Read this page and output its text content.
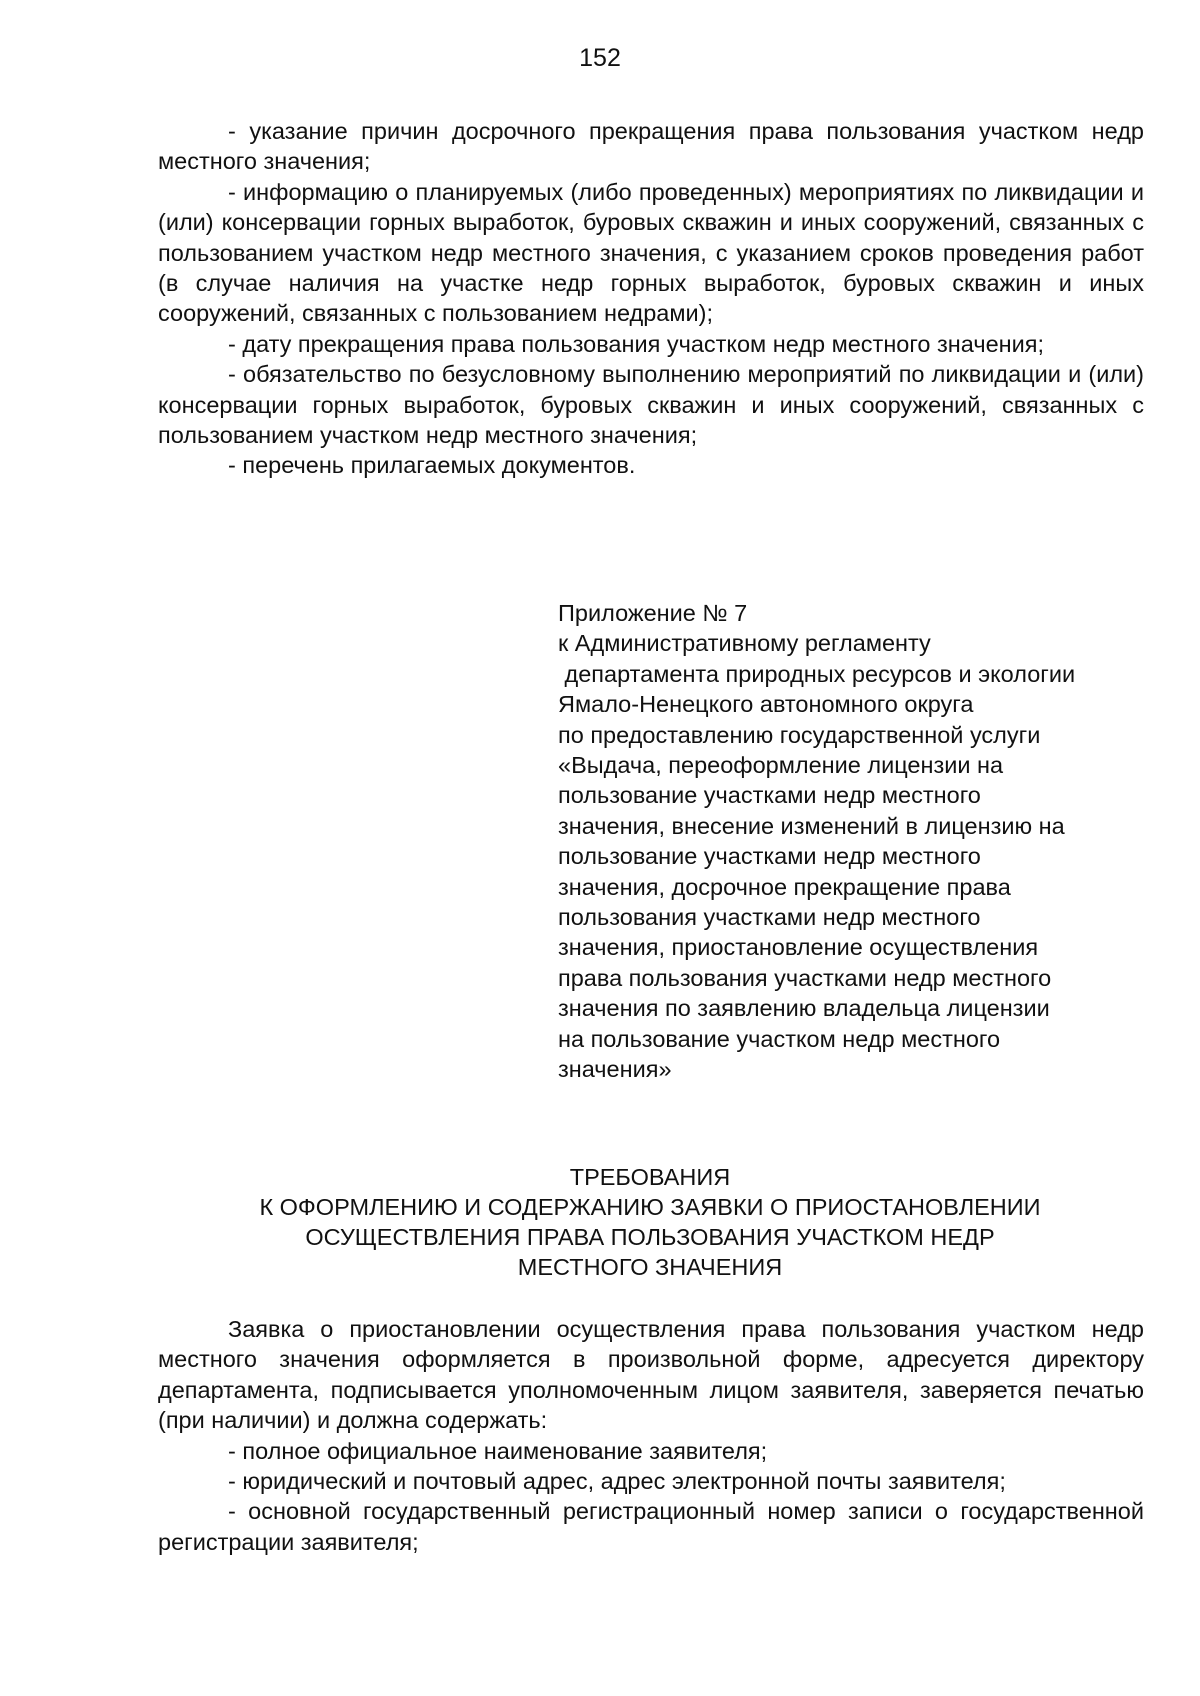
152

- указание причин досрочного прекращения права пользования участком недр местного значения;

- информацию о планируемых (либо проведенных) мероприятиях по ликвидации и (или) консервации горных выработок, буровых скважин и иных сооружений, связанных с пользованием участком недр местного значения, с указанием сроков проведения работ (в случае наличия на участке недр горных выработок, буровых скважин и иных сооружений, связанных с пользованием недрами);

- дату прекращения права пользования участком недр местного значения;

- обязательство по безусловному выполнению мероприятий по ликвидации и (или) консервации горных выработок, буровых скважин и иных сооружений, связанных с пользованием участком недр местного значения;

- перечень прилагаемых документов.

Приложение № 7
к Административному регламенту
департамента природных ресурсов и экологии
Ямало-Ненецкого автономного округа
по предоставлению государственной услуги
«Выдача, переоформление лицензии на
пользование участками недр местного
значения, внесение изменений в лицензию на
пользование участками недр местного
значения, досрочное прекращение права
пользования участками недр местного
значения, приостановление осуществления
права пользования участками недр местного
значения по заявлению владельца лицензии
на пользование участком недр местного
значения»
ТРЕБОВАНИЯ
К ОФОРМЛЕНИЮ И СОДЕРЖАНИЮ ЗАЯВКИ О ПРИОСТАНОВЛЕНИИ
ОСУЩЕСТВЛЕНИЯ ПРАВА ПОЛЬЗОВАНИЯ УЧАСТКОМ НЕДР
МЕСТНОГО ЗНАЧЕНИЯ

Заявка о приостановлении осуществления права пользования участком недр местного значения оформляется в произвольной форме, адресуется директору департамента, подписывается уполномоченным лицом заявителя, заверяется печатью (при наличии) и должна содержать:

- полное официальное наименование заявителя;

- юридический и почтовый адрес, адрес электронной почты заявителя;

- основной государственный регистрационный номер записи о государственной регистрации заявителя;
